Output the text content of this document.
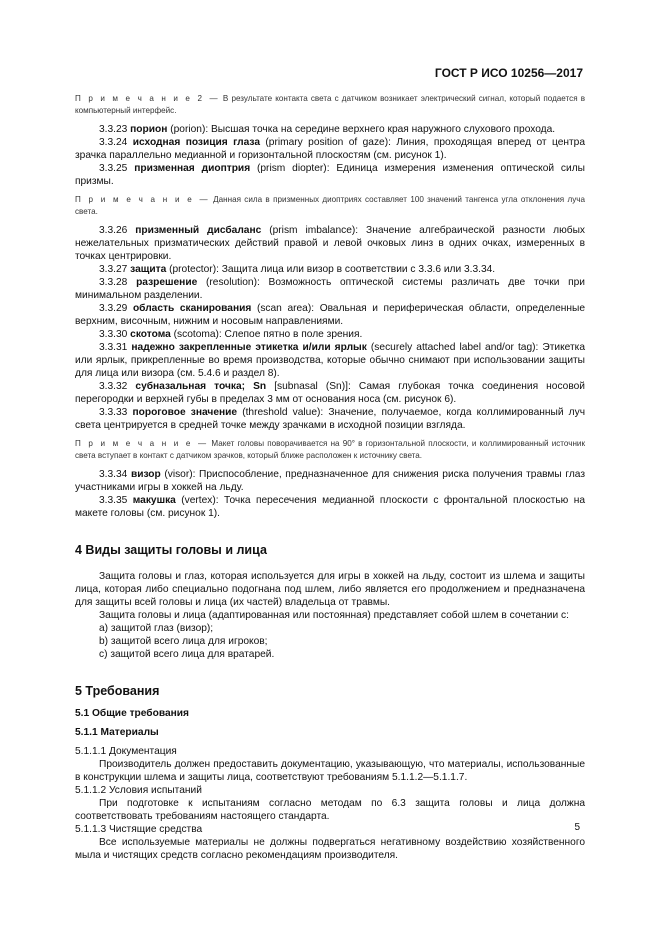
ГОСТ Р ИСО 10256—2017

П р и м е ч а н и е 2 — В результате контакта света с датчиком возникает электрический сигнал, который подается в компьютерный интерфейс.

3.3.23 порион (porion): Высшая точка на середине верхнего края наружного слухового прохода.

3.3.24 исходная позиция глаза (primary position of gaze): Линия, проходящая вперед от центра зрачка параллельно медианной и горизонтальной плоскостям (см. рисунок 1).

3.3.25 призменная диоптрия (prism diopter): Единица измерения изменения оптической силы призмы.

П р и м е ч а н и е — Данная сила в призменных диоптриях составляет 100 значений тангенса угла отклонения луча света.

3.3.26 призменный дисбаланс (prism imbalance): Значение алгебраической разности любых нежелательных призматических действий правой и левой очковых линз в одних очках, измеренных в точках центрировки.

3.3.27 защита (protector): Защита лица или визор в соответствии с 3.3.6 или 3.3.34.

3.3.28 разрешение (resolution): Возможность оптической системы различать две точки при минимальном разделении.

3.3.29 область сканирования (scan area): Овальная и периферическая области, определенные верхним, височным, нижним и носовым направлениями.

3.3.30 скотома (scotoma): Слепое пятно в поле зрения.

3.3.31 надежно закрепленные этикетка и/или ярлык (securely attached label and/or tag): Этикетка или ярлык, прикрепленные во время производства, которые обычно снимают при использовании защиты для лица или визора (см. 5.4.6 и раздел 8).

3.3.32 субназальная точка; Sn [subnasal (Sn)]: Самая глубокая точка соединения носовой перегородки и верхней губы в пределах 3 мм от основания носа (см. рисунок 6).

3.3.33 пороговое значение (threshold value): Значение, получаемое, когда коллимированный луч света центрируется в средней точке между зрачками в исходной позиции взгляда.

П р и м е ч а н и е — Макет головы поворачивается на 90° в горизонтальной плоскости, и коллимированный источник света вступает в контакт с датчиком зрачков, который ближе расположен к источнику света.

3.3.34 визор (visor): Приспособление, предназначенное для снижения риска получения травмы глаз участниками игры в хоккей на льду.

3.3.35 макушка (vertex): Точка пересечения медианной плоскости с фронтальной плоскостью на макете головы (см. рисунок 1).

4 Виды защиты головы и лица

Защита головы и глаз, которая используется для игры в хоккей на льду, состоит из шлема и защиты лица, которая либо специально подогнана под шлем, либо является его продолжением и предназначена для защиты всей головы и лица (их частей) владельца от травмы.

Защита головы и лица (адаптированная или постоянная) представляет собой шлем в сочетании с:

a) защитой глаз (визор);

b) защитой всего лица для игроков;

c) защитой всего лица для вратарей.

5 Требования

5.1 Общие требования

5.1.1 Материалы

5.1.1.1 Документация

Производитель должен предоставить документацию, указывающую, что материалы, использованные в конструкции шлема и защиты лица, соответствуют требованиям 5.1.1.2—5.1.1.7.

5.1.1.2 Условия испытаний

При подготовке к испытаниям согласно методам по 6.3 защита головы и лица должна соответствовать требованиям настоящего стандарта.

5.1.1.3 Чистящие средства

Все используемые материалы не должны подвергаться негативному воздействию хозяйственного мыла и чистящих средств согласно рекомендациям производителя.

5
